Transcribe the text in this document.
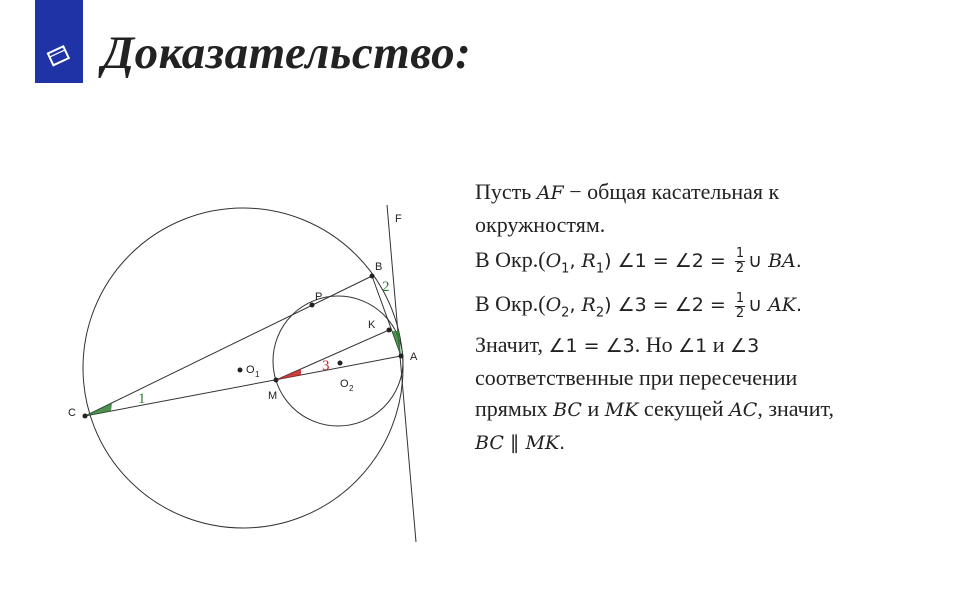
Доказательство:
F
B
P
K
A
O 1
O 2
M
C
1
2
3
Пусть AF − общая касательная к
окружностям.
В $Окр.(O_1$, $R_1$) ∠1 = ∠2 = $\frac{1}{2}$ ∪ BA.
В $Окр.(O_2$, $R_2$) ∠3 = ∠2 = $\frac{1}{2}$ ∪ AK.
Значит, ∠1 = ∠3. Но ∠1 и ∠3
соответственные при пересечении
прямых BC и MK секущей AC, значит,
BC ∥ MK.
